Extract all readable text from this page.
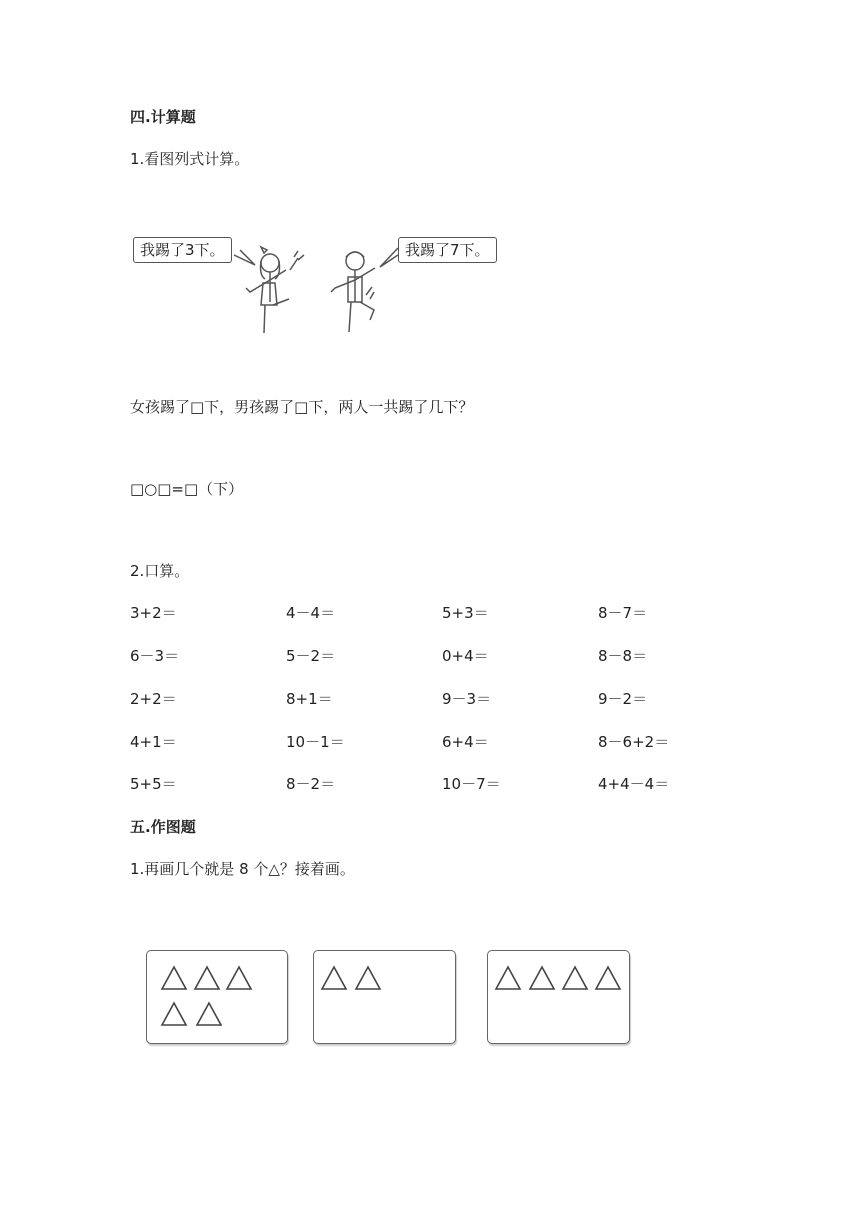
四.计算题
1.看图列式计算。
我踢了3下。	我踢了7下。
女孩踢了□下，男孩踢了□下，两人一共踢了几下？
□○□=□（下）
2.口算。
3+2＝	4－4＝	5+3＝	8－7＝
6－3＝	5－2＝	0+4＝	8－8＝
2+2＝	8+1＝	9－3＝	9－2＝
4+1＝	10－1＝	6+4＝	8－6+2＝
5+5＝	8－2＝	10－7＝	4+4－4＝
五.作图题
1.再画几个就是 8 个△？接着画。
